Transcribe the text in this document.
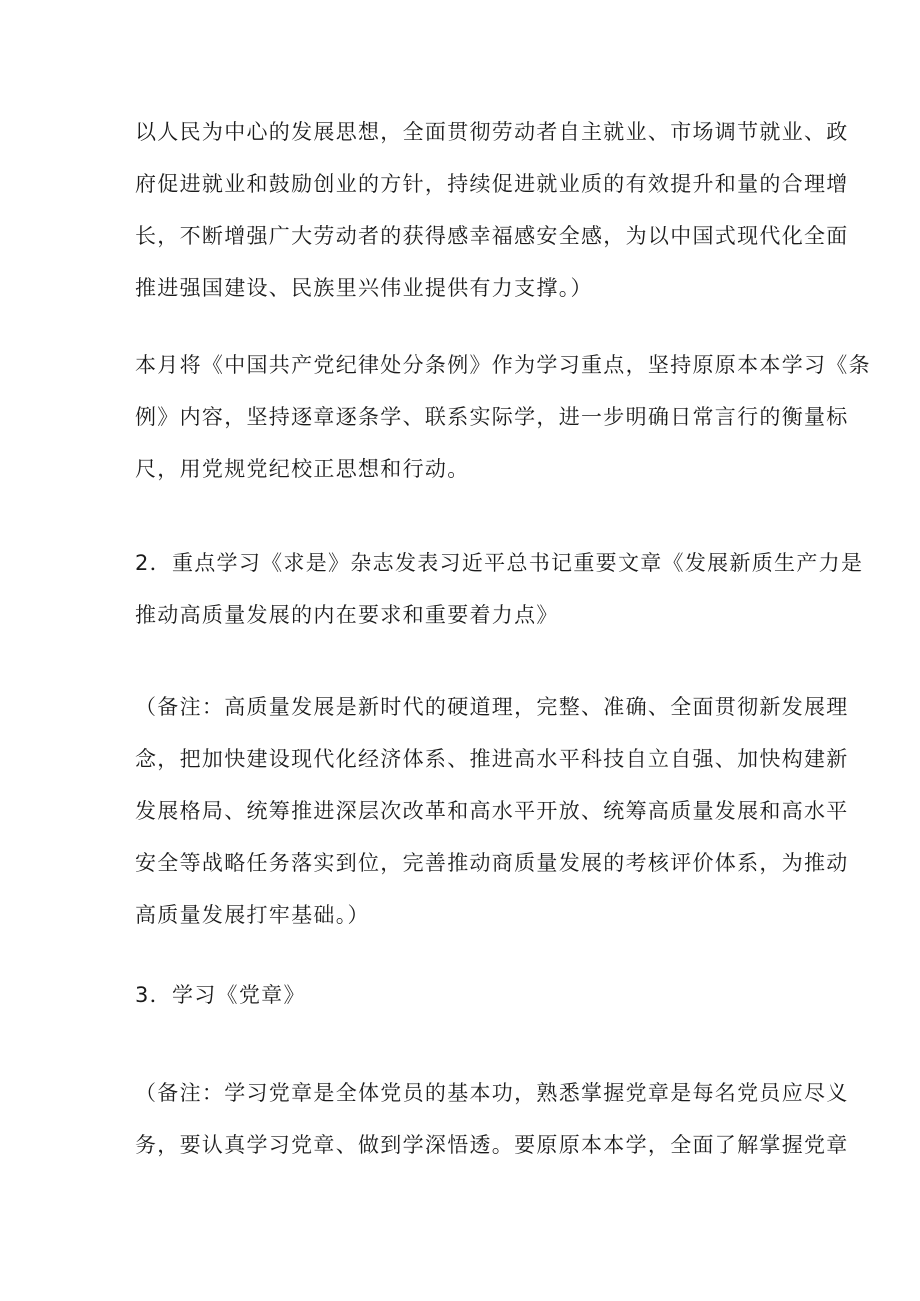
以人民为中心的发展思想，全面贯彻劳动者自主就业、市场调节就业、政
府促进就业和鼓励创业的方针，持续促进就业质的有效提升和量的合理增
长，不断增强广大劳动者的获得感幸福感安全感，为以中国式现代化全面
推进强国建设、民族里兴伟业提供有力支撑。）

本月将《中国共产党纪律处分条例》作为学习重点，坚持原原本本学习《条
例》内容，坚持逐章逐条学、联系实际学，进一步明确日常言行的衡量标
尺，用党规党纪校正思想和行动。

2．重点学习《求是》杂志发表习近平总书记重要文章《发展新质生产力是
推动高质量发展的内在要求和重要着力点》

（备注：高质量发展是新时代的硬道理，完整、准确、全面贯彻新发展理
念，把加快建设现代化经济体系、推进高水平科技自立自强、加快构建新
发展格局、统筹推进深层次改革和高水平开放、统筹高质量发展和高水平
安全等战略任务落实到位，完善推动商质量发展的考核评价体系，为推动
高质量发展打牢基础。）

3．学习《党章》

（备注：学习党章是全体党员的基本功，熟悉掌握党章是每名党员应尽义
务，要认真学习党章、做到学深悟透。要原原本本学，全面了解掌握党章
